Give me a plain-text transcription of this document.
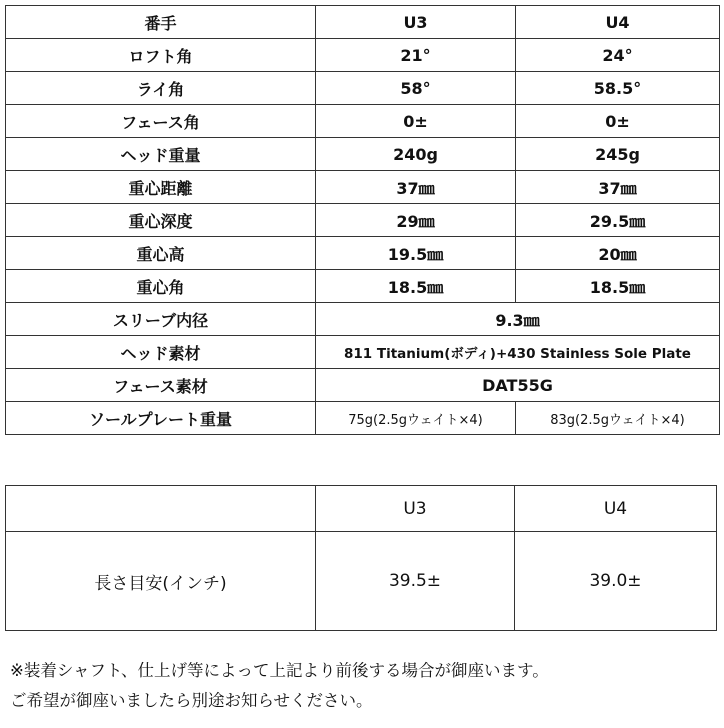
番手	U3	U4
ロフト角	21°	24°
ライ角	58°	58.5°
フェース角	0±	0±
ヘッド重量	240g	245g
重心距離	37㎜	37㎜
重心深度	29㎜	29.5㎜
重心高	19.5㎜	20㎜
重心角	18.5㎜	18.5㎜
スリーブ内径	9.3㎜	
ヘッド素材	811 Titanium(ボディ)+430 Stainless Sole Plate	
フェース素材	DAT55G	
ソールプレート重量	75g(2.5gウェイト×4)	83g(2.5gウェイト×4)
	U3	U4
長さ目安(インチ)	39.5±	39.0±
※装着シャフト、仕上げ等によって上記より前後する場合が御座います。
ご希望が御座いましたら別途お知らせください。
